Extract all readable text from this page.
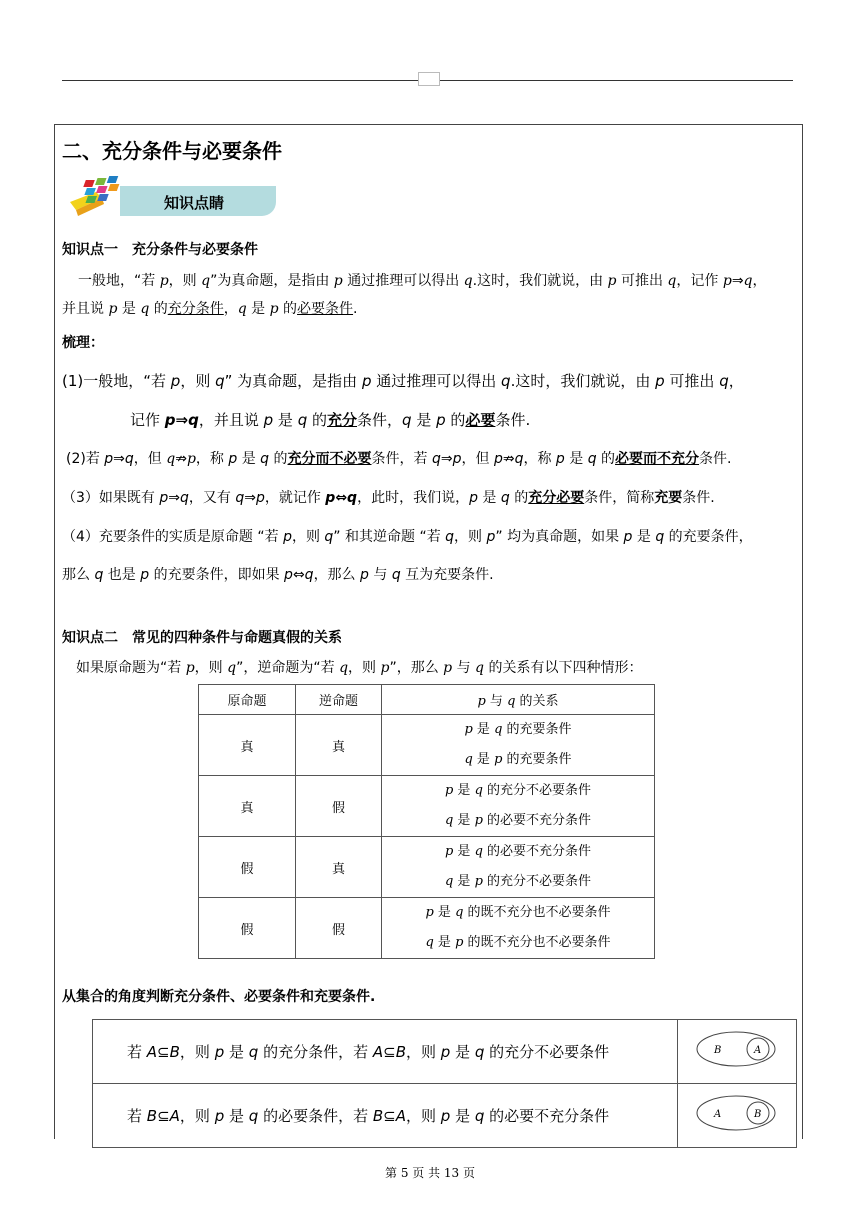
二、充分条件与必要条件
知识点睛
知识点一　充分条件与必要条件
一般地，“若 p，则 q”为真命题，是指由 p 通过推理可以得出 q.这时，我们就说，由 p 可推出 q，记作 p⇒q，
并且说 p 是 q 的充分条件，q 是 p 的必要条件.
梳理：
(1)一般地，“若 p，则 q” 为真命题，是指由 p 通过推理可以得出 q.这时，我们就说，由 p 可推出 q，
记作 p⇒q，并且说 p 是 q 的充分条件，q 是 p 的必要条件.
(2)若 p⇒q，但 q⇏p，称 p 是 q 的充分而不必要条件，若 q⇒p，但 p⇏q，称 p 是 q 的必要而不充分条件.
（3）如果既有 p⇒q，又有 q⇒p，就记作 p⇔q，此时，我们说，p 是 q 的充分必要条件，简称充要条件.
（4）充要条件的实质是原命题 “若 p，则 q” 和其逆命题 “若 q，则 p” 均为真命题，如果 p 是 q 的充要条件，
那么 q 也是 p 的充要条件，即如果 p⇔q，那么 p 与 q 互为充要条件.
知识点二　常见的四种条件与命题真假的关系
如果原命题为“若 p，则 q”，逆命题为“若 q，则 p”，那么 p 与 q 的关系有以下四种情形：
原命题	逆命题	p 与 q 的关系
真	真	p 是 q 的充要条件
q 是 p 的充要条件

真	假	p 是 q 的充分不必要条件
q 是 p 的必要不充分条件

假	真	p 是 q 的必要不充分条件
q 是 p 的充分不必要条件

假	假	p 是 q 的既不充分也不必要条件
q 是 p 的既不充分也不必要条件
从集合的角度判断充分条件、必要条件和充要条件.
若 A⊆B，则 p 是 q 的充分条件，若 A⊆B，则 p 是 q 的充分不必要条件	B A

若 B⊆A，则 p 是 q 的必要条件，若 B⊆A，则 p 是 q 的必要不充分条件	A B
第 5 页 共 13 页
